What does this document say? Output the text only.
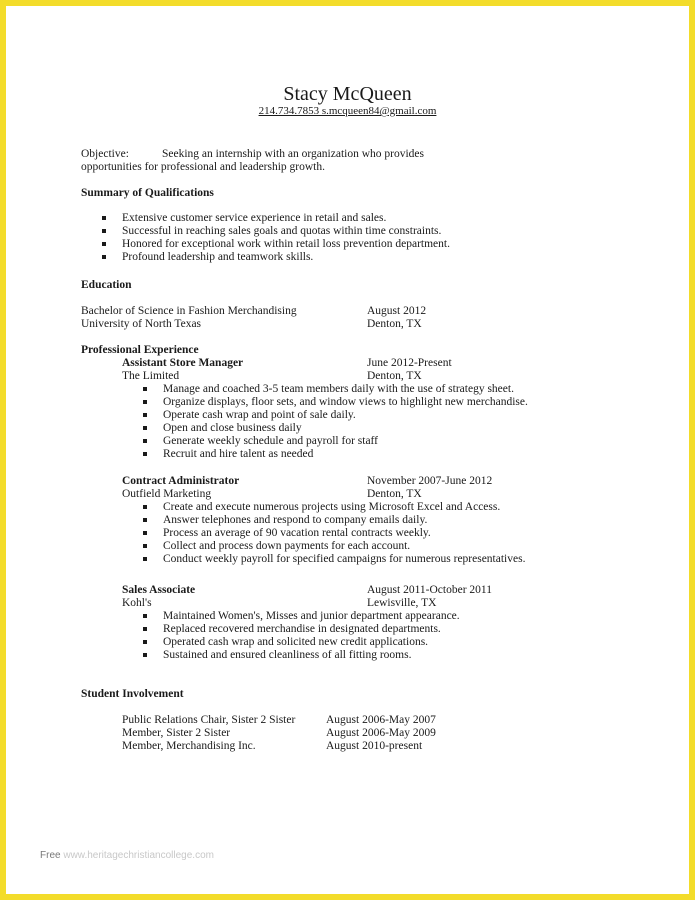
Stacy McQueen
214.734.7853 s.mcqueen84@gmail.com
Objective:	Seeking an internship with an organization who provides
opportunities for professional and leadership growth.
Summary of Qualifications
Extensive customer service experience in retail and sales.
Successful in reaching sales goals and quotas within time constraints.
Honored for exceptional work within retail loss prevention department.
Profound leadership and teamwork skills.
Education
Bachelor of Science in Fashion Merchandising	August 2012
University of North Texas	Denton, TX
Professional Experience
Assistant Store Manager	June 2012-Present
The Limited	Denton, TX
Manage and coached 3-5 team members daily with the use of strategy sheet.
Organize displays, floor sets, and window views to highlight new merchandise.
Operate cash wrap and point of sale daily.
Open and close business daily
Generate weekly schedule and payroll for staff
Recruit and hire talent as needed
Contract Administrator	November 2007-June 2012
Outfield Marketing	Denton, TX
Create and execute numerous projects using Microsoft Excel and Access.
Answer telephones and respond to company emails daily.
Process an average of 90 vacation rental contracts weekly.
Collect and process down payments for each account.
Conduct weekly payroll for specified campaigns for numerous representatives.
Sales Associate	August 2011-October 2011
Kohl's	Lewisville, TX
Maintained Women's, Misses and junior department appearance.
Replaced recovered merchandise in designated departments.
Operated cash wrap and solicited new credit applications.
Sustained and ensured cleanliness of all fitting rooms.
Student Involvement
Public Relations Chair, Sister 2 Sister	August 2006-May 2007
Member, Sister 2 Sister	August 2006-May 2009
Member, Merchandising Inc.	August 2010-present
Free www.heritagechristiancollege.com
